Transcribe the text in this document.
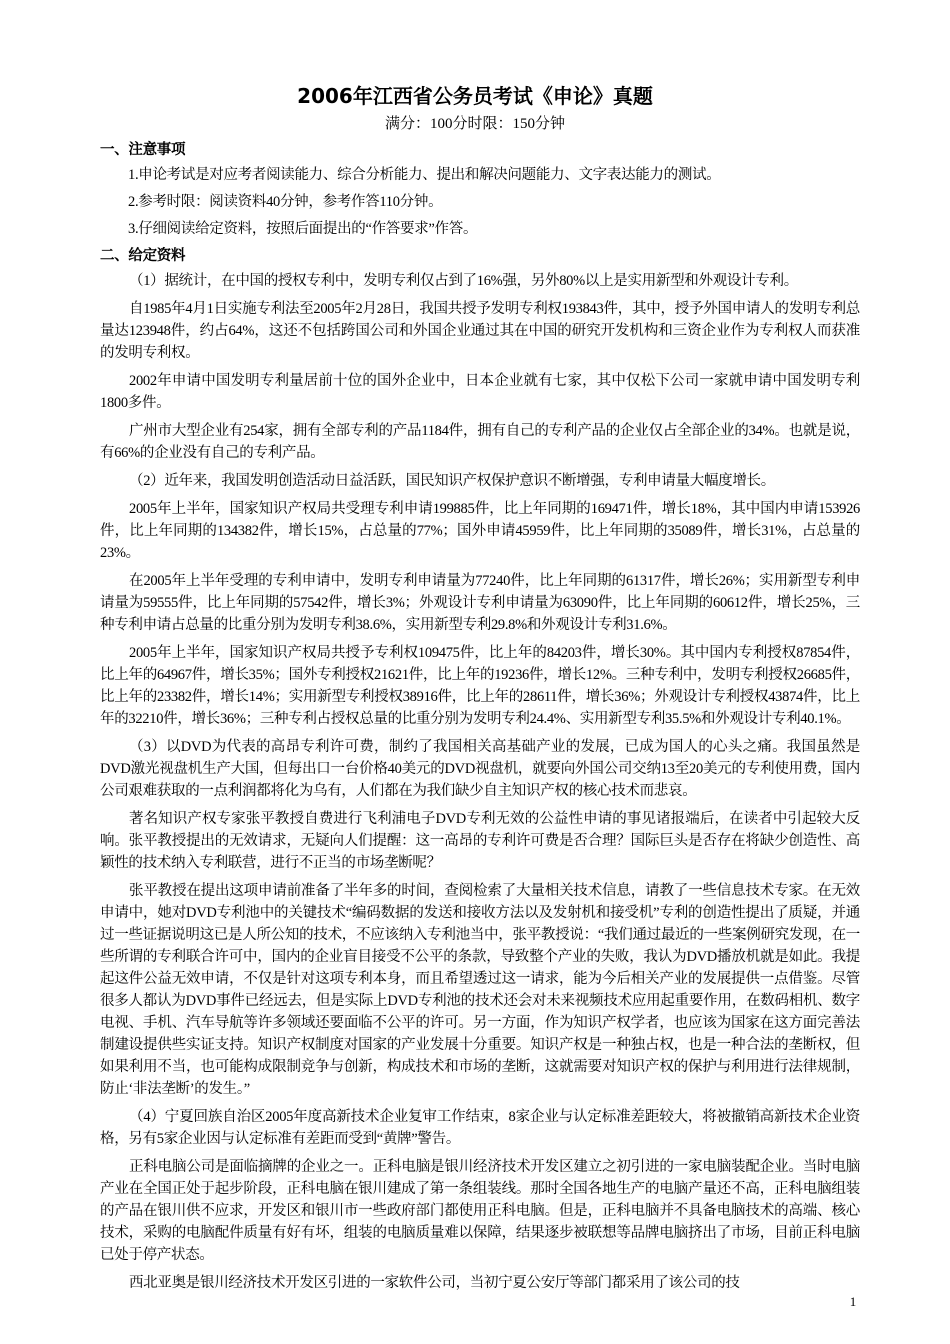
2006年江西省公务员考试《申论》真题
满分：100分时限：150分钟
一、注意事项
1.申论考试是对应考者阅读能力、综合分析能力、提出和解决问题能力、文字表达能力的测试。
2.参考时限：阅读资料40分钟，参考作答110分钟。
3.仔细阅读给定资料，按照后面提出的“作答要求”作答。
二、给定资料

（1）据统计，在中国的授权专利中，发明专利仅占到了16%强，另外80%以上是实用新型和外观设计专利。

自1985年4月1日实施专利法至2005年2月28日，我国共授予发明专利权193843件，其中，授予外国申请人的发明专利总量达123948件，约占64%，这还不包括跨国公司和外国企业通过其在中国的研究开发机构和三资企业作为专利权人而获准的发明专利权。

2002年申请中国发明专利量居前十位的国外企业中，日本企业就有七家，其中仅松下公司一家就申请中国发明专利1800多件。

广州市大型企业有254家，拥有全部专利的产品1184件，拥有自己的专利产品的企业仅占全部企业的34%。也就是说，有66%的企业没有自己的专利产品。

（2）近年来，我国发明创造活动日益活跃，国民知识产权保护意识不断增强，专利申请量大幅度增长。

2005年上半年，国家知识产权局共受理专利申请199885件，比上年同期的169471件，增长18%，其中国内申请153926件，比上年同期的134382件，增长15%，占总量的77%；国外申请45959件，比上年同期的35089件，增长31%，占总量的23%。

在2005年上半年受理的专利申请中，发明专利申请量为77240件，比上年同期的61317件，增长26%；实用新型专利申请量为59555件，比上年同期的57542件，增长3%；外观设计专利申请量为63090件，比上年同期的60612件，增长25%，三种专利申请占总量的比重分别为发明专利38.6%，实用新型专利29.8%和外观设计专利31.6%。

2005年上半年，国家知识产权局共授予专利权109475件，比上年的84203件，增长30%。其中国内专利授权87854件，比上年的64967件，增长35%；国外专利授权21621件，比上年的19236件，增长12%。三种专利中，发明专利授权26685件，比上年的23382件，增长14%；实用新型专利授权38916件，比上年的28611件，增长36%；外观设计专利授权43874件，比上年的32210件，增长36%；三种专利占授权总量的比重分别为发明专利24.4%、实用新型专利35.5%和外观设计专利40.1%。

（3）以DVD为代表的高昂专利许可费，制约了我国相关高基础产业的发展，已成为国人的心头之痛。我国虽然是DVD激光视盘机生产大国，但每出口一台价格40美元的DVD视盘机，就要向外国公司交纳13至20美元的专利使用费，国内公司艰难获取的一点利润都将化为乌有，人们都在为我们缺少自主知识产权的核心技术而悲哀。

著名知识产权专家张平教授自费进行飞利浦电子DVD专利无效的公益性申请的事见诸报端后，在读者中引起较大反响。张平教授提出的无效请求，无疑向人们提醒：这一高昂的专利许可费是否合理？国际巨头是否存在将缺少创造性、高颖性的技术纳入专利联营，进行不正当的市场垄断呢？

张平教授在提出这项申请前准备了半年多的时间，查阅检索了大量相关技术信息，请教了一些信息技术专家。在无效申请中，她对DVD专利池中的关键技术“编码数据的发送和接收方法以及发射机和接受机”专利的创造性提出了质疑，并通过一些证据说明这已是人所公知的技术，不应该纳入专利池当中，张平教授说：“我们通过最近的一些案例研究发现，在一些所谓的专利联合许可中，国内的企业盲目接受不公平的条款，导致整个产业的失败，我认为DVD播放机就是如此。我提起这件公益无效申请，不仅是针对这项专利本身，而且希望透过这一请求，能为今后相关产业的发展提供一点借鉴。尽管很多人都认为DVD事件已经远去，但是实际上DVD专利池的技术还会对未来视频技术应用起重要作用，在数码相机、数字电视、手机、汽车导航等许多领域还要面临不公平的许可。另一方面，作为知识产权学者，也应该为国家在这方面完善法制建设提供些实证支持。知识产权制度对国家的产业发展十分重要。知识产权是一种独占权，也是一种合法的垄断权，但如果利用不当，也可能构成限制竞争与创新，构成技术和市场的垄断，这就需要对知识产权的保护与利用进行法律规制，防止‘非法垄断’的发生。”

（4）宁夏回族自治区2005年度高新技术企业复审工作结束，8家企业与认定标准差距较大，将被撤销高新技术企业资格，另有5家企业因与认定标准有差距而受到“黄牌”警告。

正科电脑公司是面临摘牌的企业之一。正科电脑是银川经济技术开发区建立之初引进的一家电脑装配企业。当时电脑产业在全国正处于起步阶段，正科电脑在银川建成了第一条组装线。那时全国各地生产的电脑产量还不高，正科电脑组装的产品在银川供不应求，开发区和银川市一些政府部门都使用正科电脑。但是，正科电脑并不具备电脑技术的高端、核心技术，采购的电脑配件质量有好有坏，组装的电脑质量难以保障，结果逐步被联想等品牌电脑挤出了市场，目前正科电脑已处于停产状态。

西北亚奥是银川经济技术开发区引进的一家软件公司，当初宁夏公安厅等部门都采用了该公司的技

1
